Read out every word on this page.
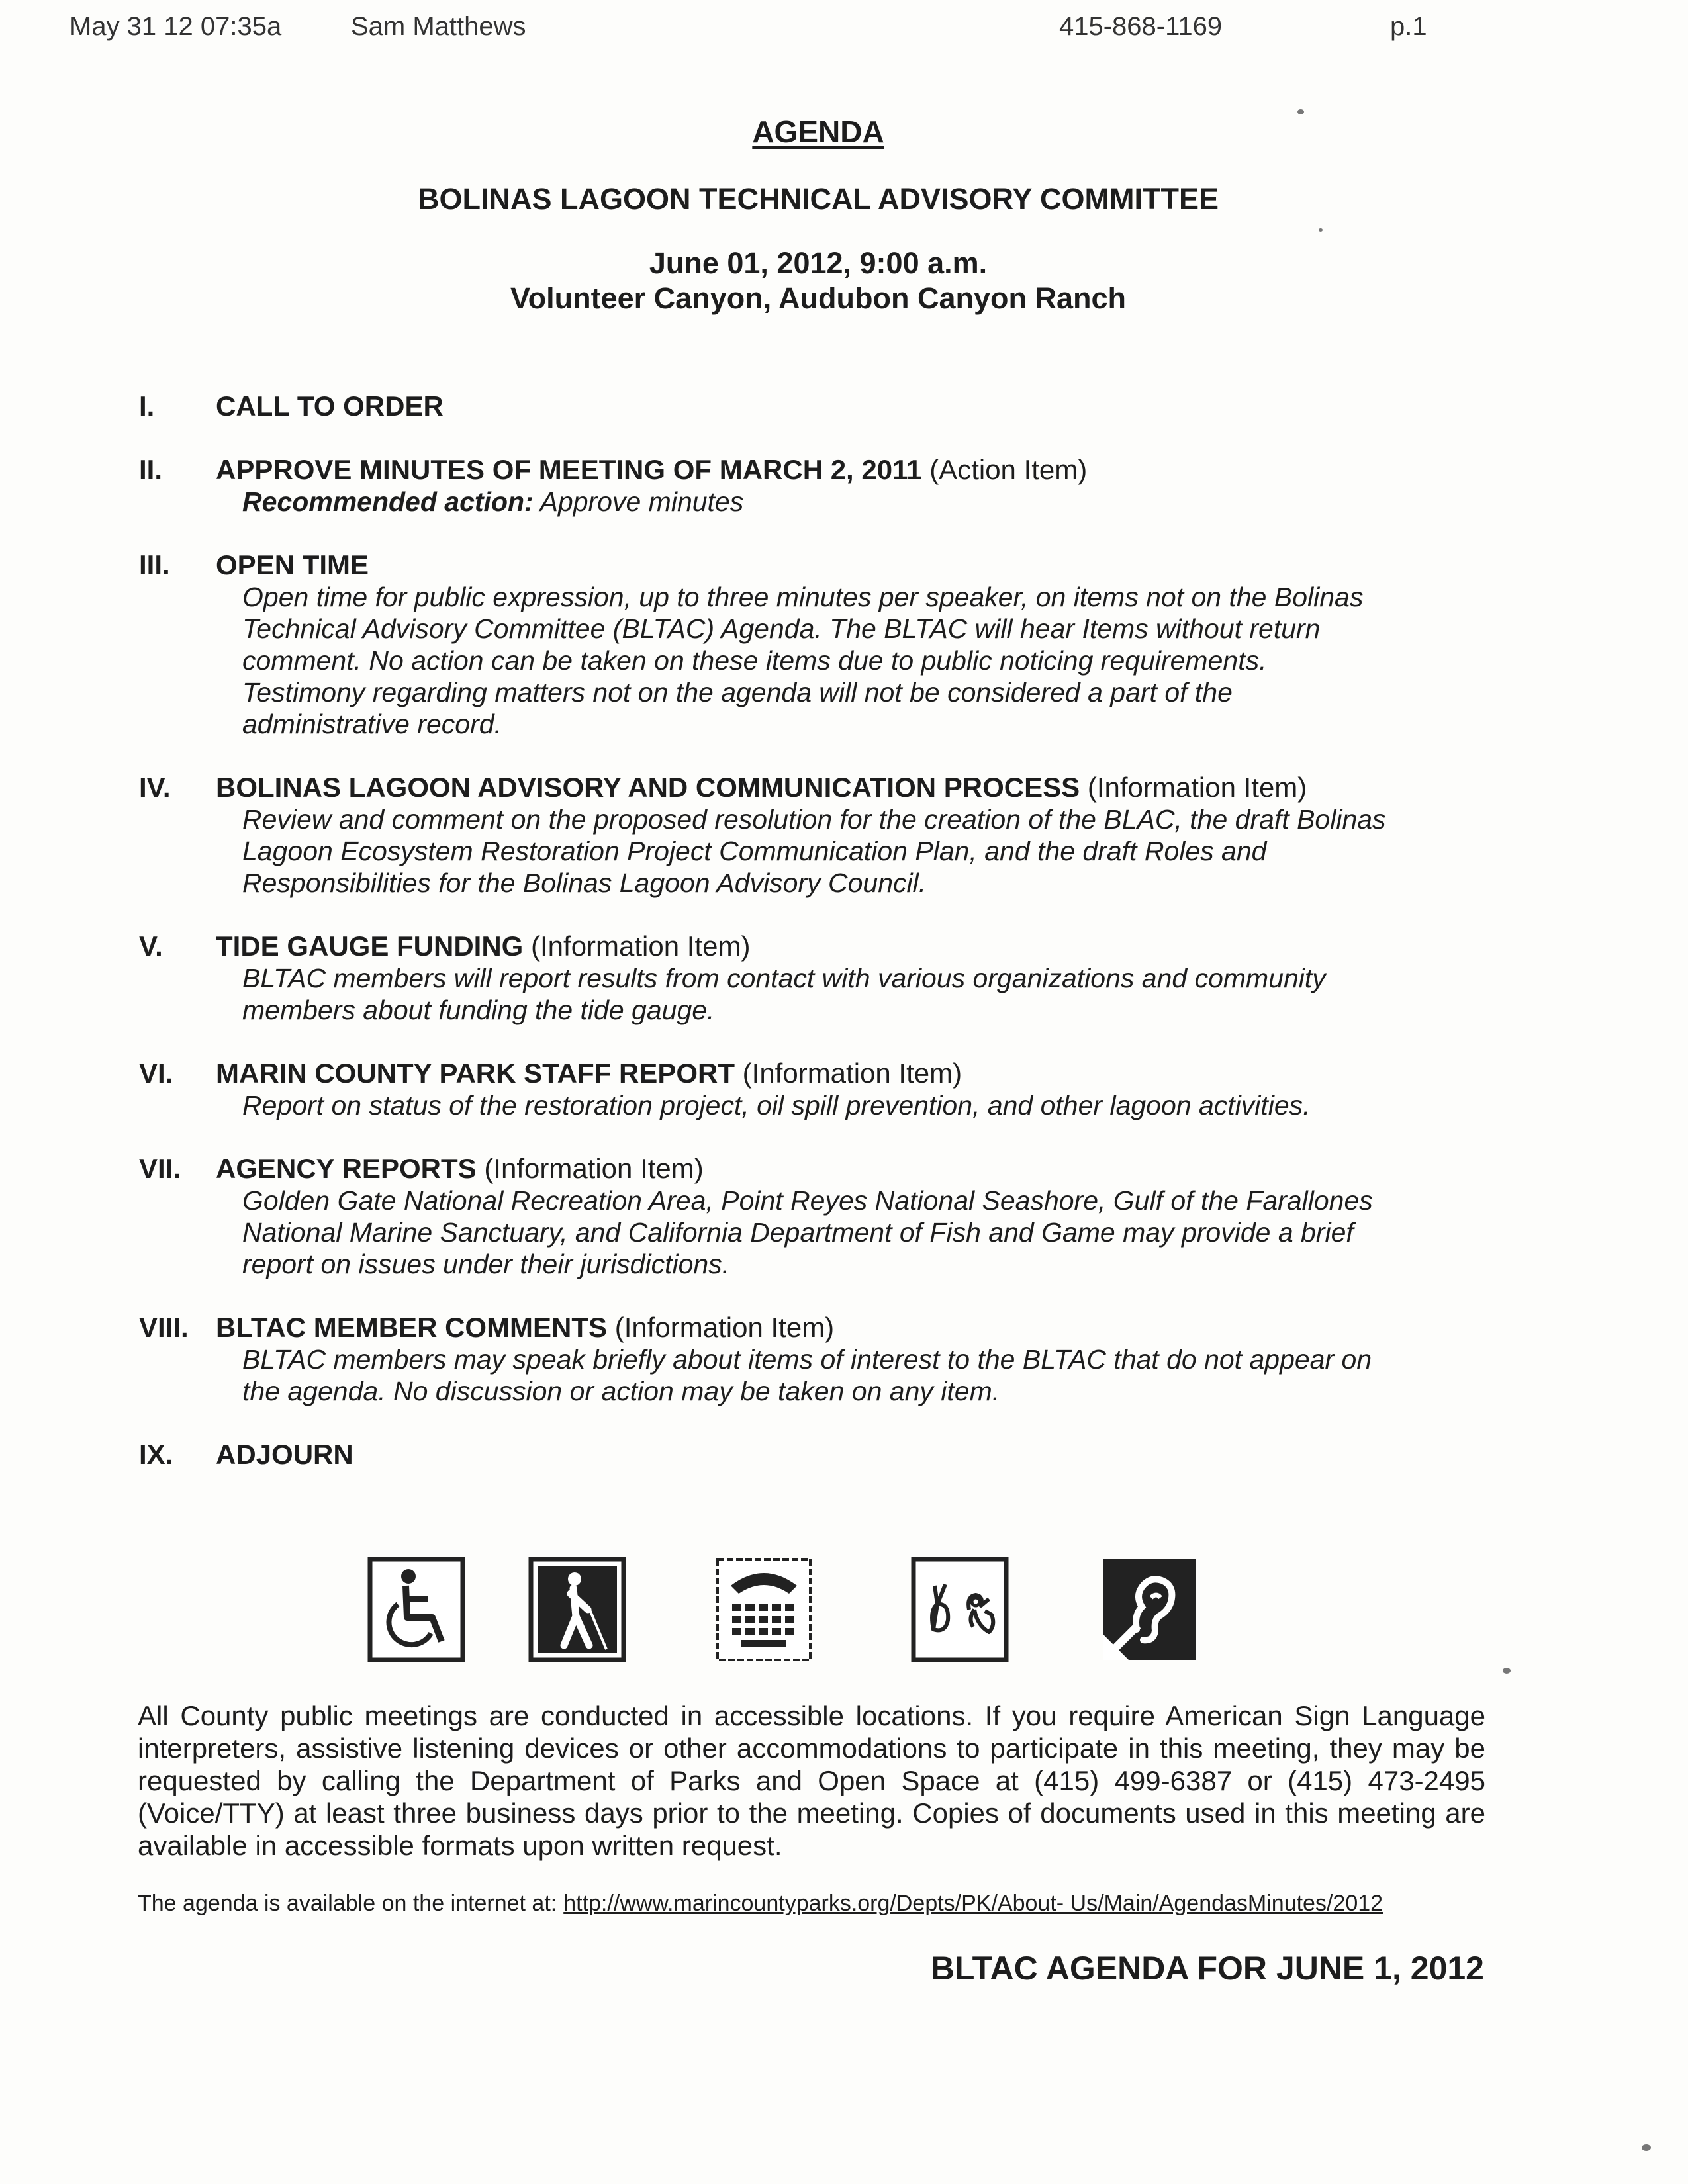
May 31 12 07:35a	Sam Matthews	415-868-1169	p.1
AGENDA
BOLINAS LAGOON TECHNICAL ADVISORY COMMITTEE
June 01, 2012, 9:00 a.m.
Volunteer Canyon, Audubon Canyon Ranch
I.	CALL TO ORDER
II.	APPROVE MINUTES OF MEETING OF MARCH 2, 2011 (Action Item)
Recommended action: Approve minutes
III.	OPEN TIME
Open time for public expression, up to three minutes per speaker, on items not on the Bolinas
Technical Advisory Committee (BLTAC) Agenda. The BLTAC will hear Items without return
comment. No action can be taken on these items due to public noticing requirements.
Testimony regarding matters not on the agenda will not be considered a part of the
administrative record.
IV.	BOLINAS LAGOON ADVISORY AND COMMUNICATION PROCESS (Information Item)
Review and comment on the proposed resolution for the creation of the BLAC, the draft Bolinas
Lagoon Ecosystem Restoration Project Communication Plan, and the draft Roles and
Responsibilities for the Bolinas Lagoon Advisory Council.
V.	TIDE GAUGE FUNDING (Information Item)
BLTAC members will report results from contact with various organizations and community
members about funding the tide gauge.
VI.	MARIN COUNTY PARK STAFF REPORT (Information Item)
Report on status of the restoration project, oil spill prevention, and other lagoon activities.
VII.	AGENCY REPORTS (Information Item)
Golden Gate National Recreation Area, Point Reyes National Seashore, Gulf of the Farallones
National Marine Sanctuary, and California Department of Fish and Game may provide a brief
report on issues under their jurisdictions.
VIII. BLTAC MEMBER COMMENTS (Information Item)
BLTAC members may speak briefly about items of interest to the BLTAC that do not appear on
the agenda. No discussion or action may be taken on any item.
IX.	ADJOURN
All County public meetings are conducted in accessible locations. If you require American Sign Language interpreters, assistive listening devices or other accommodations to participate in this meeting, they may be requested by calling the Department of Parks and Open Space at (415) 499-6387 or (415) 473-2495 (Voice/TTY) at least three business days prior to the meeting. Copies of documents used in this meeting are available in accessible formats upon written request.
The agenda is available on the internet at: http://www.marincountyparks.org/Depts/PK/About- Us/Main/AgendasMinutes/2012
BLTAC AGENDA FOR JUNE 1, 2012
